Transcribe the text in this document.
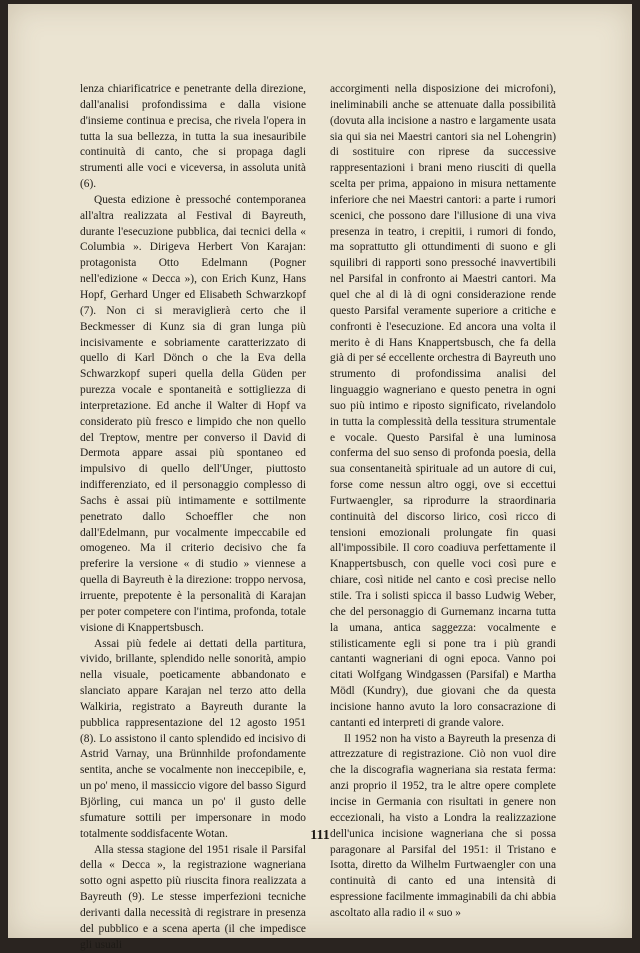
lenza chiarificatrice e penetrante della direzione, dall'analisi profondissima e dalla visione d'insieme continua e precisa, che rivela l'opera in tutta la sua bellezza, in tutta la sua inesauribile continuità di canto, che si propaga dagli strumenti alle voci e viceversa, in assoluta unità (6).

Questa edizione è pressoché contemporanea all'altra realizzata al Festival di Bayreuth, durante l'esecuzione pubblica, dai tecnici della « Columbia ». Dirigeva Herbert Von Karajan: protagonista Otto Edelmann (Pogner nell'edizione « Decca »), con Erich Kunz, Hans Hopf, Gerhard Unger ed Elisabeth Schwarzkopf (7). Non ci si meraviglierà certo che il Beckmesser di Kunz sia di gran lunga più incisivamente e sobriamente caratterizzato di quello di Karl Dönch o che la Eva della Schwarzkopf superi quella della Güden per purezza vocale e spontaneità e sottigliezza di interpretazione. Ed anche il Walter di Hopf va considerato più fresco e limpido che non quello del Treptow, mentre per converso il David di Dermota appare assai più spontaneo ed impulsivo di quello dell'Unger, piuttosto indifferenziato, ed il personaggio complesso di Sachs è assai più intimamente e sottilmente penetrato dallo Schoeffler che non dall'Edelmann, pur vocalmente impeccabile ed omogeneo. Ma il criterio decisivo che fa preferire la versione « di studio » viennese a quella di Bayreuth è la direzione: troppo nervosa, irruente, prepotente è la personalità di Karajan per poter competere con l'intima, profonda, totale visione di Knappertsbusch.

Assai più fedele ai dettati della partitura, vivido, brillante, splendido nelle sonorità, ampio nella visuale, poeticamente abbandonato e slanciato appare Karajan nel terzo atto della Walkiria, registrato a Bayreuth durante la pubblica rappresentazione del 12 agosto 1951 (8). Lo assistono il canto splendido ed incisivo di Astrid Varnay, una Brünnhilde profondamente sentita, anche se vocalmente non ineccepibile, e, un po' meno, il massiccio vigore del basso Sigurd Björling, cui manca un po' il gusto delle sfumature sottili per impersonare in modo totalmente soddisfacente Wotan.

Alla stessa stagione del 1951 risale il Parsifal della « Decca », la registrazione wagneriana sotto ogni aspetto più riuscita finora realizzata a Bayreuth (9). Le stesse imperfezioni tecniche derivanti dalla necessità di registrare in presenza del pubblico e a scena aperta (il che impedisce gli usuali

accorgimenti nella disposizione dei microfoni), ineliminabili anche se attenuate dalla possibilità (dovuta alla incisione a nastro e largamente usata sia qui sia nei Maestri cantori sia nel Lohengrin) di sostituire con riprese da successive rappresentazioni i brani meno riusciti di quella scelta per prima, appaiono in misura nettamente inferiore che nei Maestri cantori: a parte i rumori scenici, che possono dare l'illusione di una viva presenza in teatro, i crepitii, i rumori di fondo, ma soprattutto gli ottundimenti di suono e gli squilibri di rapporti sono pressoché inavvertibili nel Parsifal in confronto ai Maestri cantori. Ma quel che al di là di ogni considerazione rende questo Parsifal veramente superiore a critiche e confronti è l'esecuzione. Ed ancora una volta il merito è di Hans Knappertsbusch, che fa della già di per sé eccellente orchestra di Bayreuth uno strumento di profondissima analisi del linguaggio wagneriano e questo penetra in ogni suo più intimo e riposto significato, rivelandolo in tutta la complessità della tessitura strumentale e vocale. Questo Parsifal è una luminosa conferma del suo senso di profonda poesia, della sua consentaneità spirituale ad un autore di cui, forse come nessun altro oggi, ove si eccettui Furtwaengler, sa riprodurre la straordinaria continuità del discorso lirico, così ricco di tensioni emozionali prolungate fin quasi all'impossibile. Il coro coadiuva perfettamente il Knappertsbusch, con quelle voci così pure e chiare, così nitide nel canto e così precise nello stile. Tra i solisti spicca il basso Ludwig Weber, che del personaggio di Gurnemanz incarna tutta la umana, antica saggezza: vocalmente e stilisticamente egli si pone tra i più grandi cantanti wagneriani di ogni epoca. Vanno poi citati Wolfgang Windgassen (Parsifal) e Martha Mödl (Kundry), due giovani che da questa incisione hanno avuto la loro consacrazione di cantanti ed interpreti di grande valore.

Il 1952 non ha visto a Bayreuth la presenza di attrezzature di registrazione. Ciò non vuol dire che la discografia wagneriana sia restata ferma: anzi proprio il 1952, tra le altre opere complete incise in Germania con risultati in genere non eccezionali, ha visto a Londra la realizzazione dell'unica incisione wagneriana che si possa paragonare al Parsifal del 1951: il Tristano e Isotta, diretto da Wilhelm Furtwaengler con una continuità di canto ed una intensità di espressione facilmente immaginabili da chi abbia ascoltato alla radio il « suo »

111
